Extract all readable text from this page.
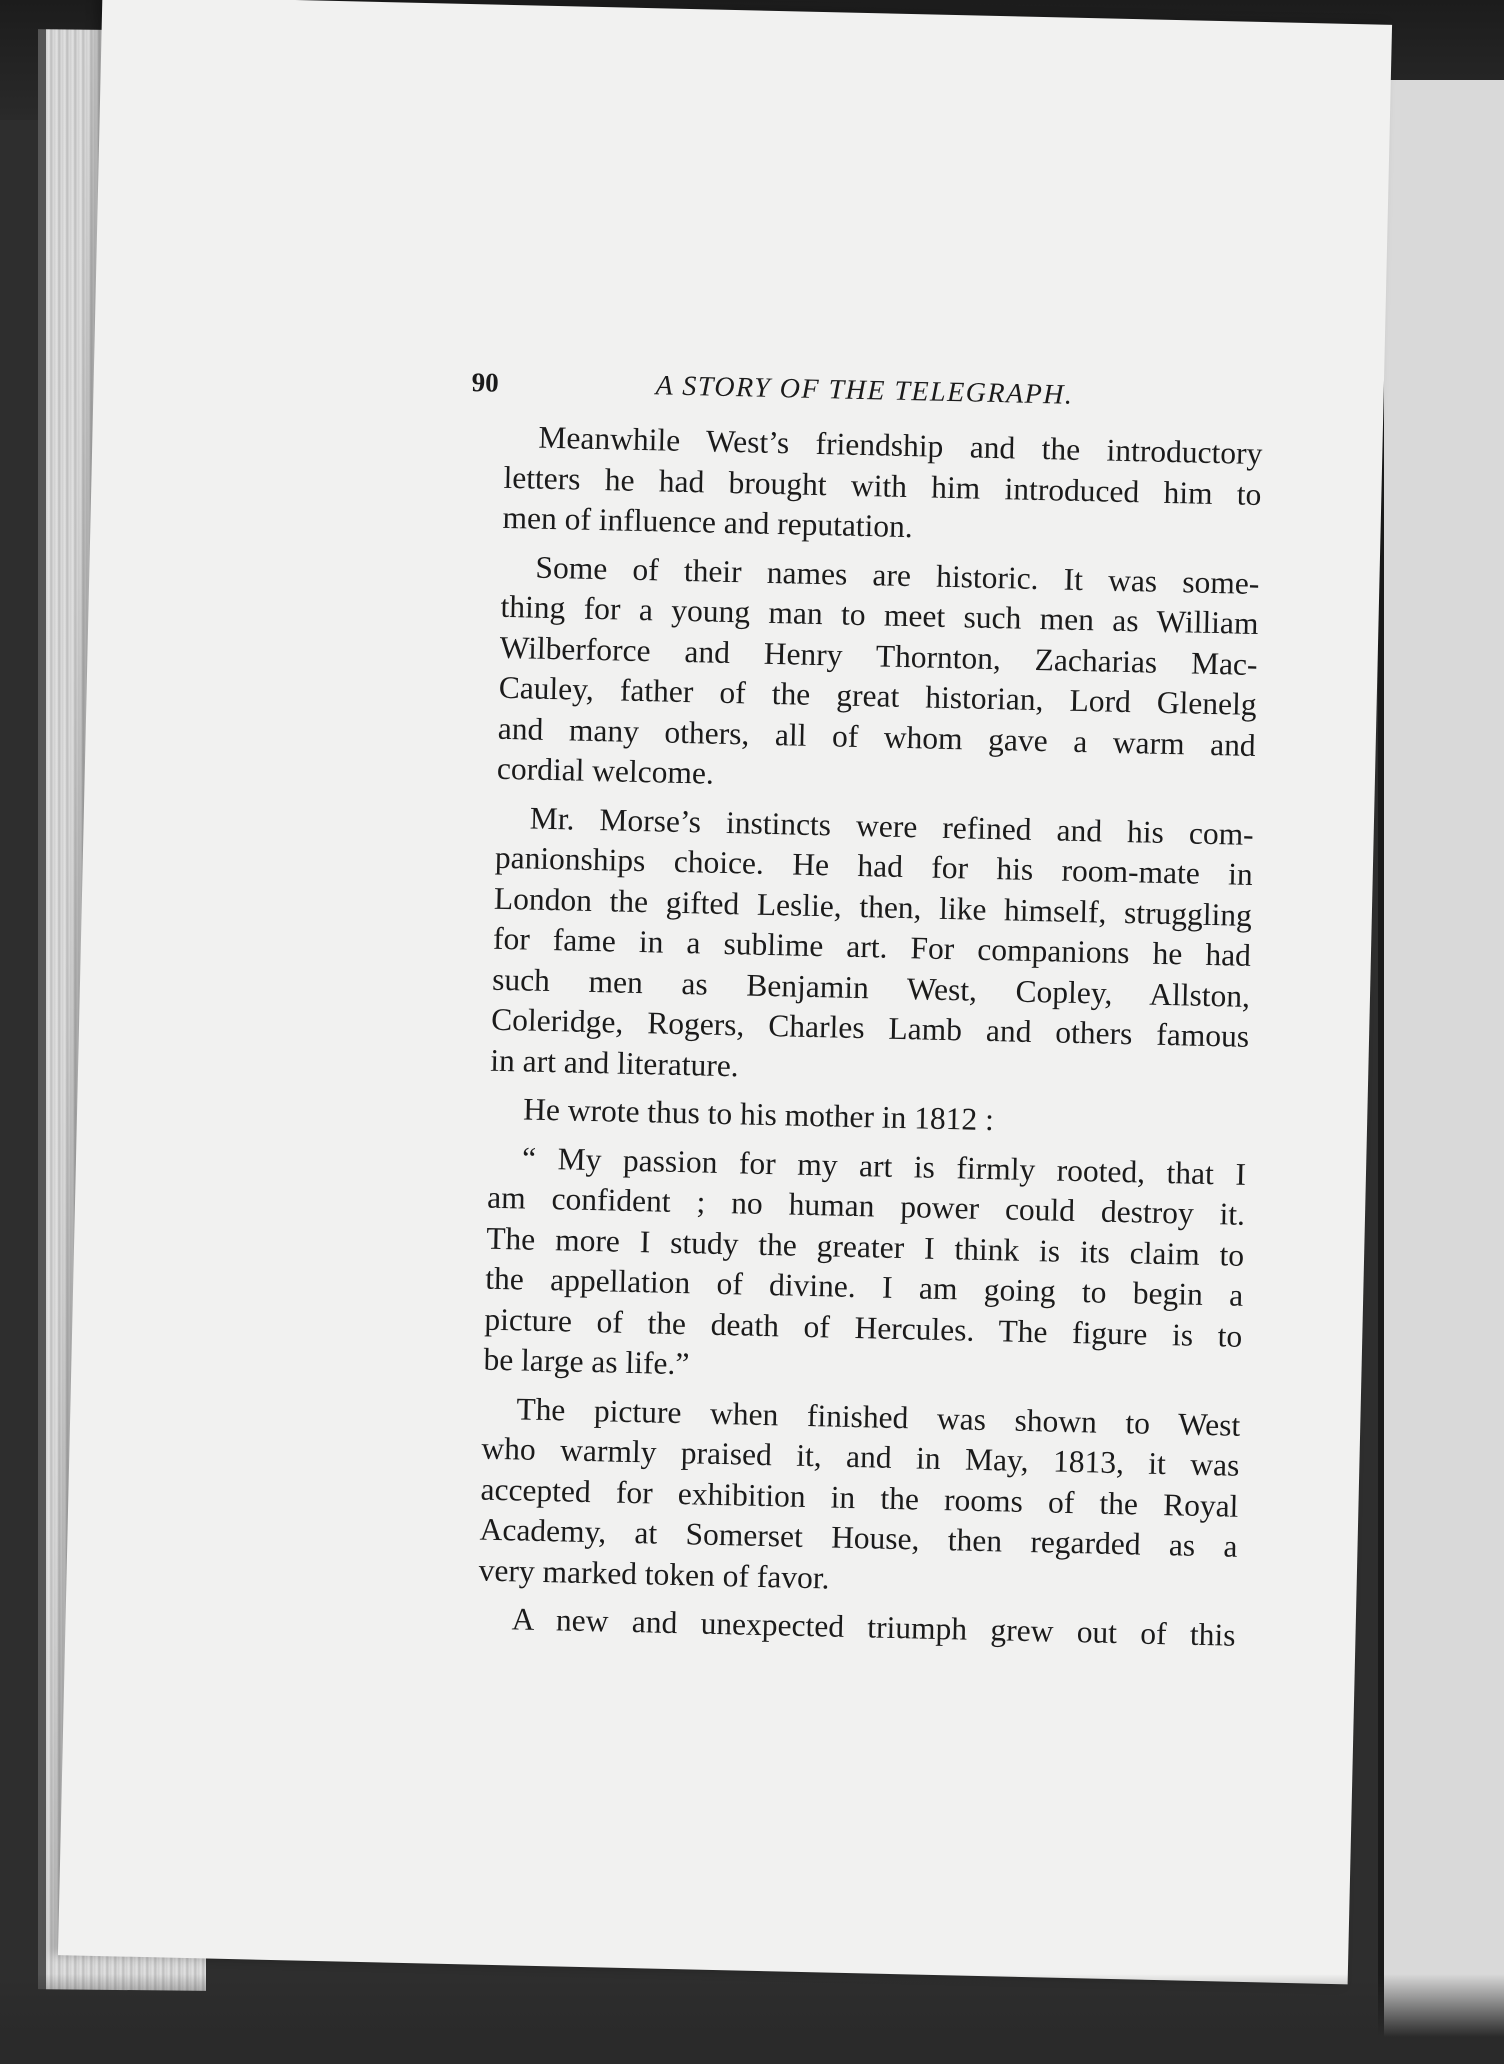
90	A STORY OF THE TELEGRAPH.
Meanwhile West’s friendship and the introductory
letters he had brought with him introduced him to
men of influence and reputation.
Some of their names are historic. It was some-
thing for a young man to meet such men as William
Wilberforce and Henry Thornton, Zacharias Mac-
Cauley, father of the great historian, Lord Glenelg
and many others, all of whom gave a warm and
cordial welcome.
Mr. Morse’s instincts were refined and his com-
panionships choice. He had for his room-mate in
London the gifted Leslie, then, like himself, struggling
for fame in a sublime art. For companions he had
such men as Benjamin West, Copley, Allston,
Coleridge, Rogers, Charles Lamb and others famous
in art and literature.
He wrote thus to his mother in 1812 :
“ My passion for my art is firmly rooted, that I
am confident ; no human power could destroy it.
The more I study the greater I think is its claim to
the appellation of divine. I am going to begin a
picture of the death of Hercules. The figure is to
be large as life.”
The picture when finished was shown to West
who warmly praised it, and in May, 1813, it was
accepted for exhibition in the rooms of the Royal
Academy, at Somerset House, then regarded as a
very marked token of favor.
A new and unexpected triumph grew out of this
